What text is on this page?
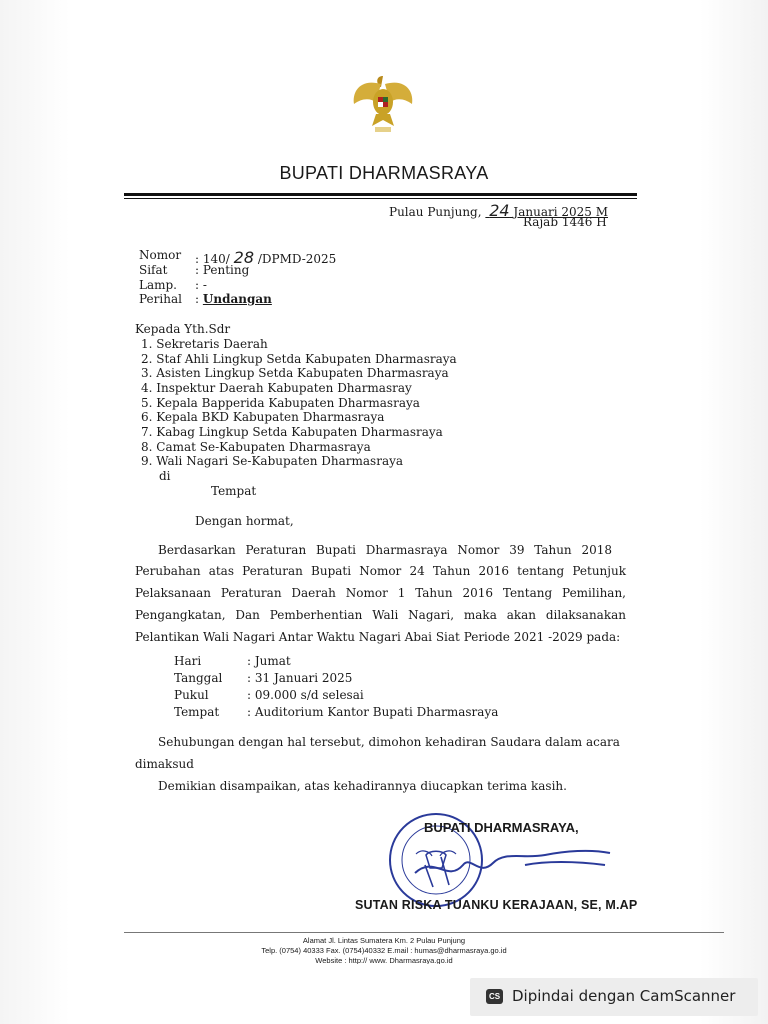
BUPATI DHARMASRAYA
Pulau Punjung, 24 Januari 2025 M
Rajab 1446 H
Nomor : 140/ 28 /DPMD-2025
Sifat : Penting
Lamp. : -
Perihal : Undangan
Kepada Yth.Sdr
1. Sekretaris Daerah
2. Staf Ahli Lingkup Setda Kabupaten Dharmasraya
3. Asisten Lingkup Setda Kabupaten Dharmasraya
4. Inspektur Daerah Kabupaten Dharmasray
5. Kepala Bapperida Kabupaten Dharmasraya
6. Kepala BKD Kabupaten Dharmasraya
7. Kabag Lingkup Setda Kabupaten Dharmasraya
8. Camat Se-Kabupaten Dharmasraya
9. Wali Nagari Se-Kabupaten Dharmasraya
di
Tempat
Dengan hormat,
Berdasarkan Peraturan Bupati Dharmasraya Nomor 39 Tahun 2018
Perubahan atas Peraturan Bupati Nomor 24 Tahun 2016 tentang Petunjuk
Pelaksanaan Peraturan Daerah Nomor 1 Tahun 2016 Tentang Pemilihan,
Pengangkatan, Dan Pemberhentian Wali Nagari, maka akan dilaksanakan
Pelantikan Wali Nagari Antar Waktu Nagari Abai Siat Periode 2021 -2029 pada:
Hari	: Jumat
Tanggal : 31 Januari 2025
Pukul	: 09.000 s/d selesai
Tempat : Auditorium Kantor Bupati Dharmasraya
Sehubungan dengan hal tersebut, dimohon kehadiran Saudara dalam acara
dimaksud
Demikian disampaikan, atas kehadirannya diucapkan terima kasih.
BUPATI DHARMASRAYA,
SUTAN RISKA TUANKU KERAJAAN, SE, M.AP
Alamat Jl. Lintas Sumatera Km. 2 Pulau Punjung
Telp. (0754) 40333 Fax. (0754)40332 E.mail : humas@dharmasraya.go.id
Website : http:// www. Dharmasraya.go.id
CS Dipindai dengan CamScanner
